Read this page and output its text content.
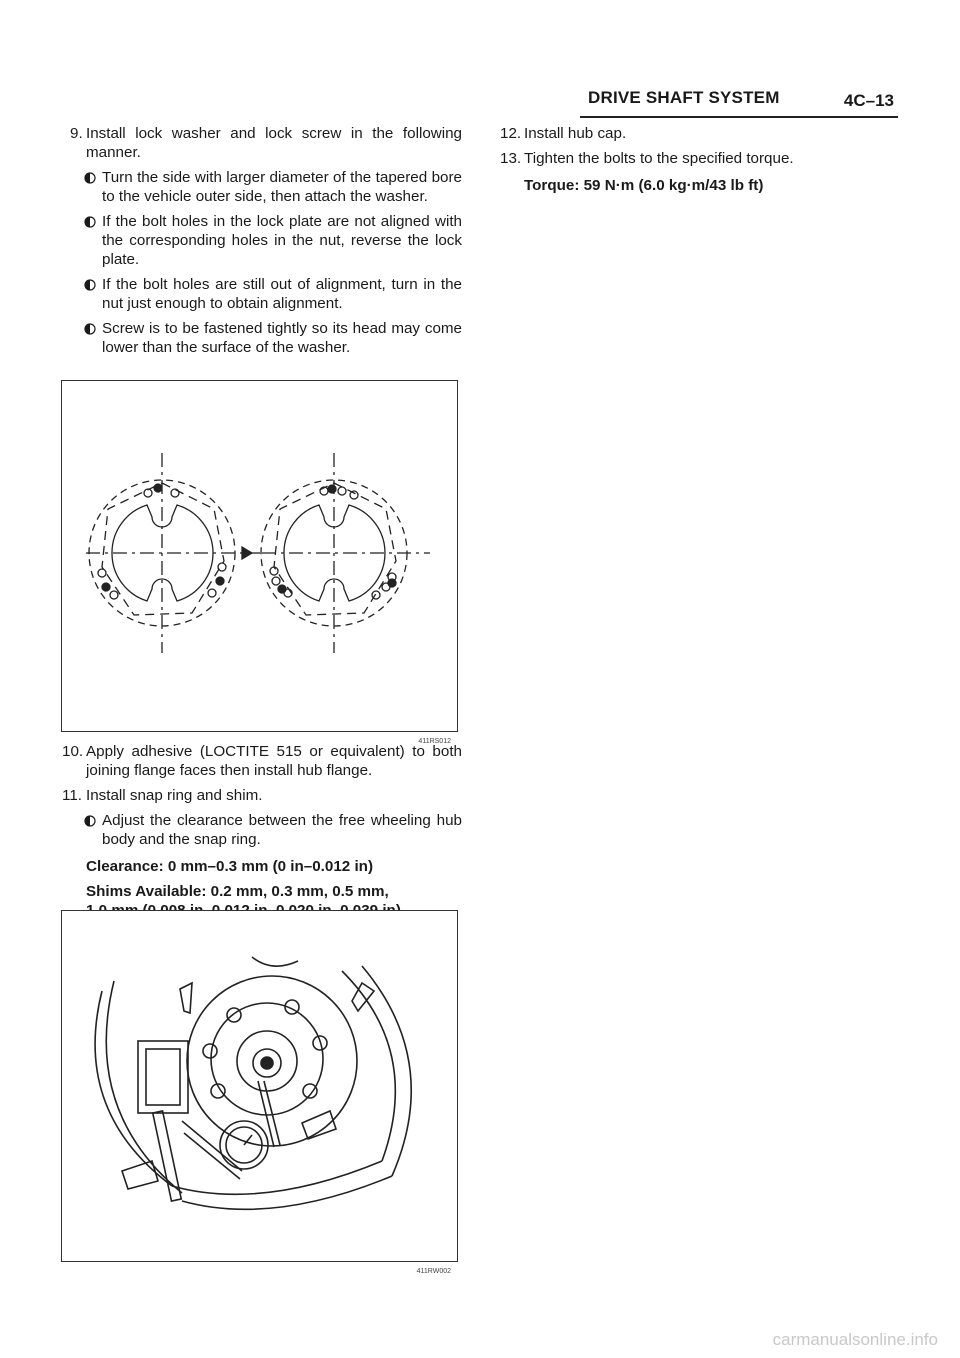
DRIVE SHAFT SYSTEM	4C–13
9. Install lock washer and lock screw in the following manner.
Turn the side with larger diameter of the tapered bore to the vehicle outer side, then attach the washer.
If the bolt holes in the lock plate are not aligned with the corresponding holes in the nut, reverse the lock plate.
If the bolt holes are still out of alignment, turn in the nut just enough to obtain alignment.
Screw is to be fastened tightly so its head may come lower than the surface of the washer.
411RS012
10. Apply adhesive (LOCTITE 515 or equivalent) to both joining flange faces then install hub flange.
11. Install snap ring and shim.
Adjust the clearance between the free wheeling hub body and the snap ring.
Clearance: 0 mm–0.3 mm (0 in–0.012 in)
Shims Available: 0.2 mm, 0.3 mm, 0.5 mm,
411RW002
12. Install hub cap.
13. Tighten the bolts to the specified torque.
Torque: 59 N·m (6.0 kg·m/43 lb ft)
carmanualsonline.info
